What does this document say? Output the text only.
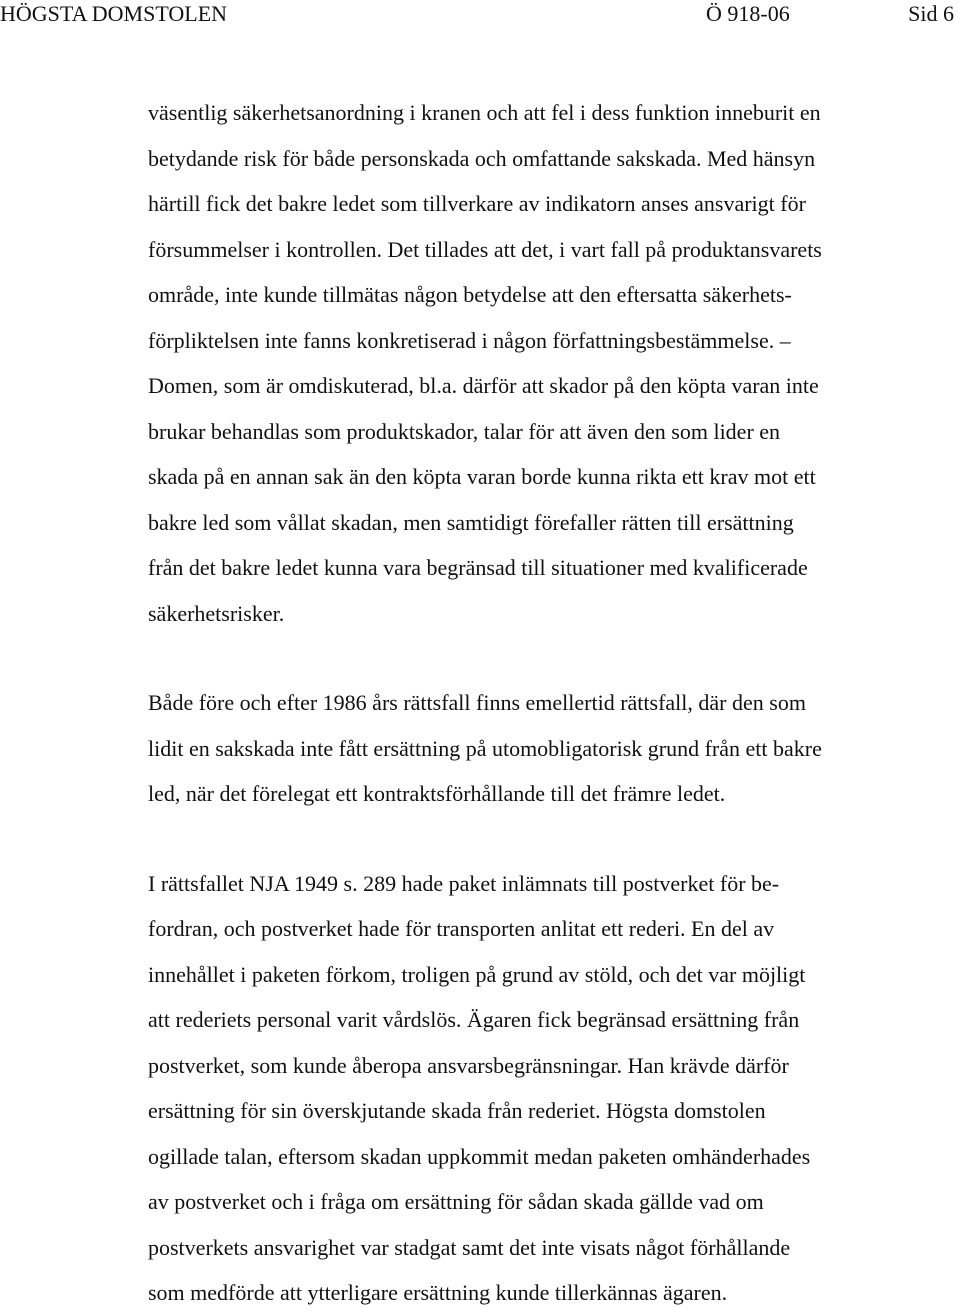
HÖGSTA DOMSTOLEN	Ö 918-06	Sid 6
väsentlig säkerhetsanordning i kranen och att fel i dess funktion inneburit en
betydande risk för både personskada och omfattande sakskada. Med hänsyn
härtill fick det bakre ledet som tillverkare av indikatorn anses ansvarigt för
försummelser i kontrollen. Det tillades att det, i vart fall på produktansvarets
område, inte kunde tillmätas någon betydelse att den eftersatta säkerhets-
förpliktelsen inte fanns konkretiserad i någon författningsbestämmelse. –
Domen, som är omdiskuterad, bl.a. därför att skador på den köpta varan inte
brukar behandlas som produktskador, talar för att även den som lider en
skada på en annan sak än den köpta varan borde kunna rikta ett krav mot ett
bakre led som vållat skadan, men samtidigt förefaller rätten till ersättning
från det bakre ledet kunna vara begränsad till situationer med kvalificerade
säkerhetsrisker.
Både före och efter 1986 års rättsfall finns emellertid rättsfall, där den som
lidit en sakskada inte fått ersättning på utomobligatorisk grund från ett bakre
led, när det förelegat ett kontraktsförhållande till det främre ledet.
I rättsfallet NJA 1949 s. 289 hade paket inlämnats till postverket för be-
fordran, och postverket hade för transporten anlitat ett rederi. En del av
innehållet i paketen förkom, troligen på grund av stöld, och det var möjligt
att rederiets personal varit vårdslös. Ägaren fick begränsad ersättning från
postverket, som kunde åberopa ansvarsbegränsningar. Han krävde därför
ersättning för sin överskjutande skada från rederiet. Högsta domstolen
ogillade talan, eftersom skadan uppkommit medan paketen omhänderhades
av postverket och i fråga om ersättning för sådan skada gällde vad om
postverkets ansvarighet var stadgat samt det inte visats något förhållande
som medförde att ytterligare ersättning kunde tillerkännas ägaren.
